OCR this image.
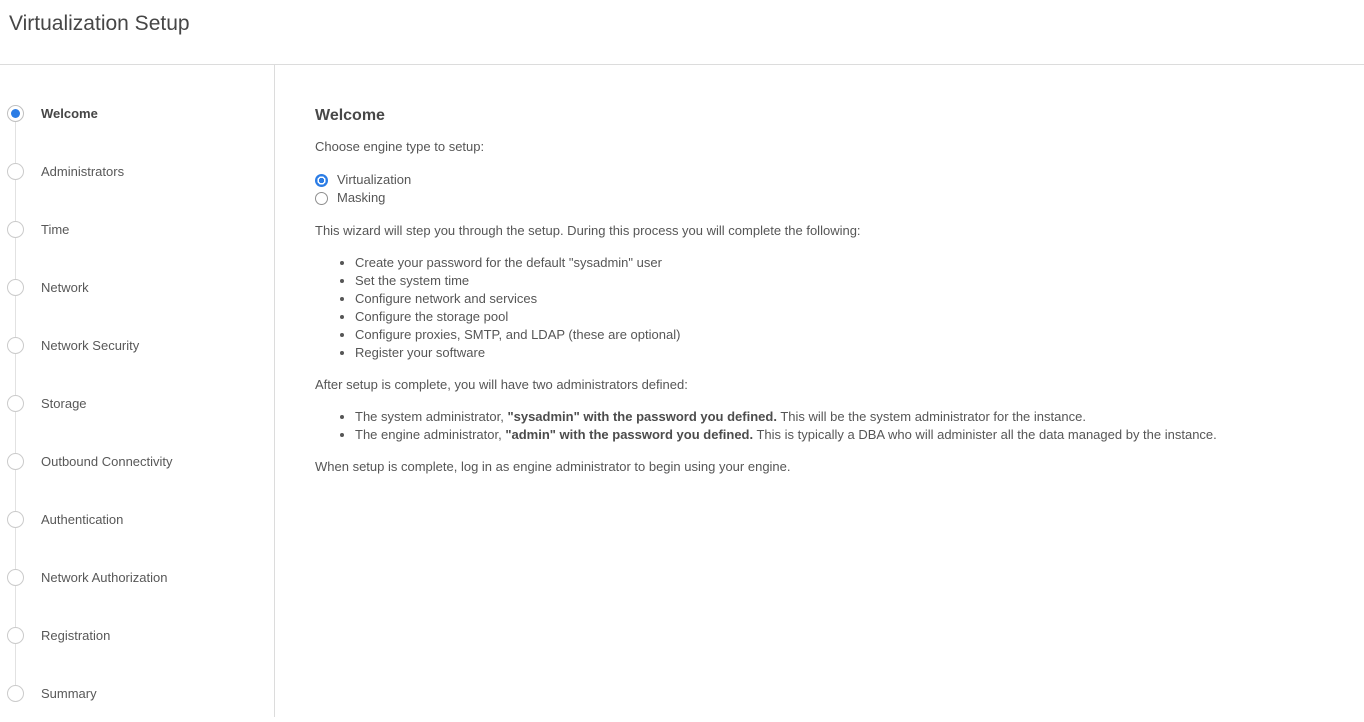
Virtualization Setup
Welcome
Administrators
Time
Network
Network Security
Storage
Outbound Connectivity
Authentication
Network Authorization
Registration
Summary
Welcome

Choose engine type to setup:

Virtualization
Masking

This wizard will step you through the setup. During this process you will complete the following:

• Create your password for the default "sysadmin" user
• Set the system time
• Configure network and services
• Configure the storage pool
• Configure proxies, SMTP, and LDAP (these are optional)
• Register your software

After setup is complete, you will have two administrators defined:

• The system administrator, "sysadmin" with the password you defined. This will be the system administrator for the instance.
• The engine administrator, "admin" with the password you defined. This is typically a DBA who will administer all the data managed by the instance.

When setup is complete, log in as engine administrator to begin using your engine.
